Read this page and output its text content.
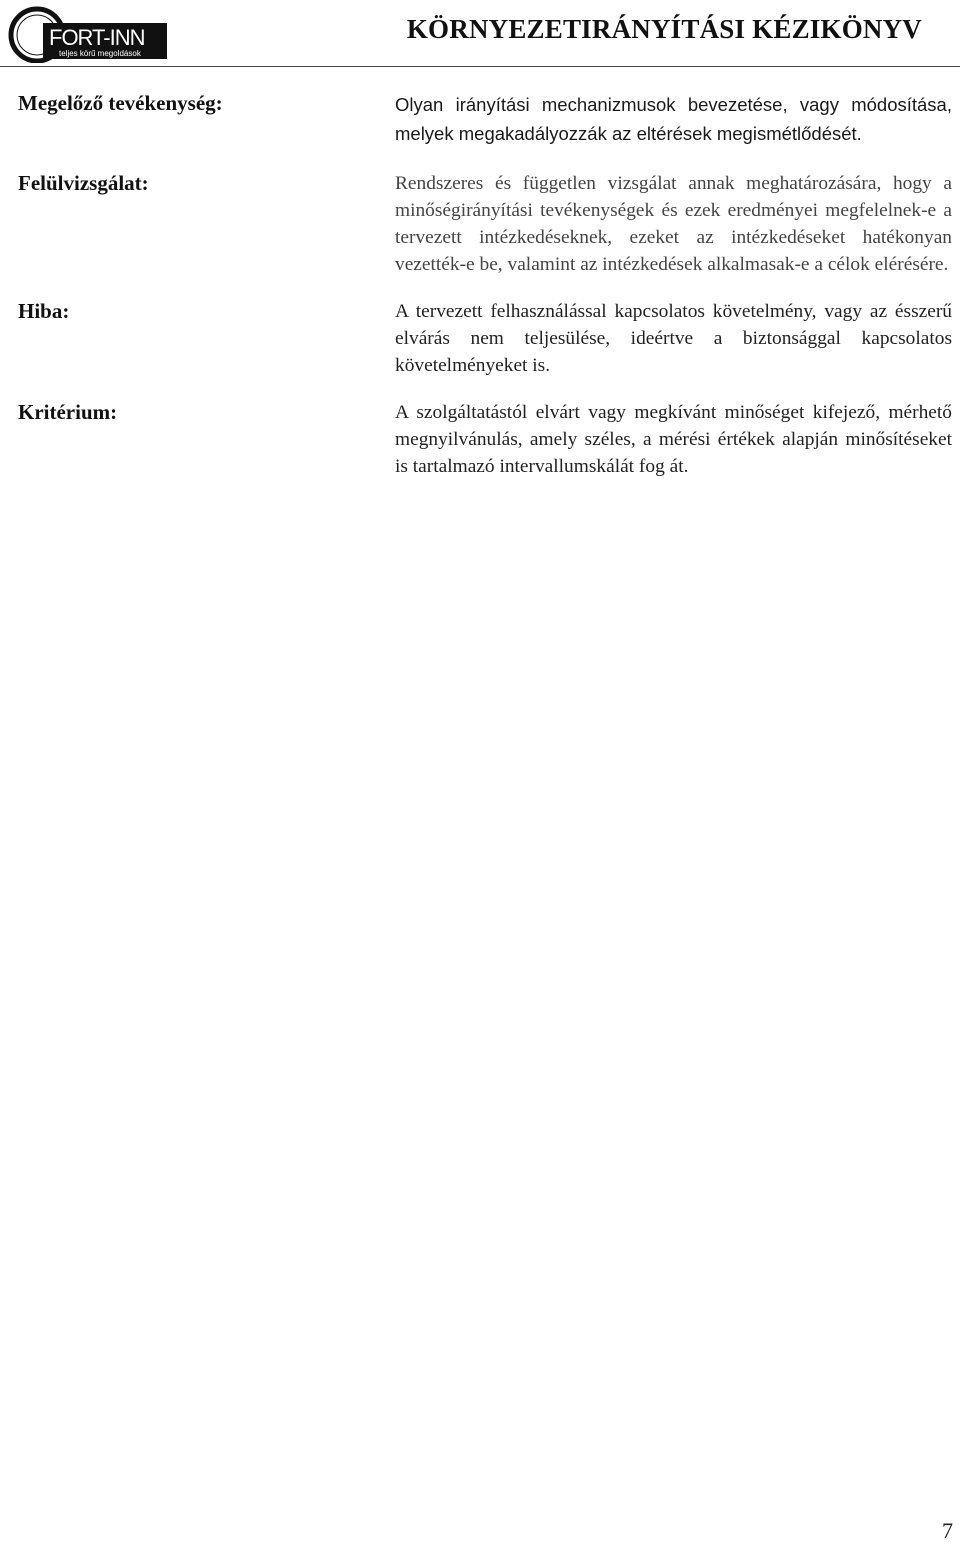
FORT-INN
teljes körű megoldások
KÖRNYEZETIRÁNYÍTÁSI KÉZIKÖNYV
Megelőző tevékenység:	Olyan irányítási mechanizmusok bevezetése, vagy módosítása, melyek megakadályozzák az eltérések megismétlődését.
Felülvizsgálat:	Rendszeres és független vizsgálat annak meghatározására, hogy a minőségirányítási tevékenységek és ezek eredményei megfelelnek-e a tervezett intézkedéseknek, ezeket az intézkedéseket hatékonyan vezették-e be, valamint az intézkedések alkalmasak-e a célok elérésére.
Hiba:	A tervezett felhasználással kapcsolatos követelmény, vagy az ésszerű elvárás nem teljesülése, ideértve a biztonsággal kapcsolatos követelményeket is.
Kritérium:	A szolgáltatástól elvárt vagy megkívánt minőséget kifejező, mérhető megnyilvánulás, amely széles, a mérési értékek alapján minősítéseket is tartalmazó intervallumskálát fog át.
7
